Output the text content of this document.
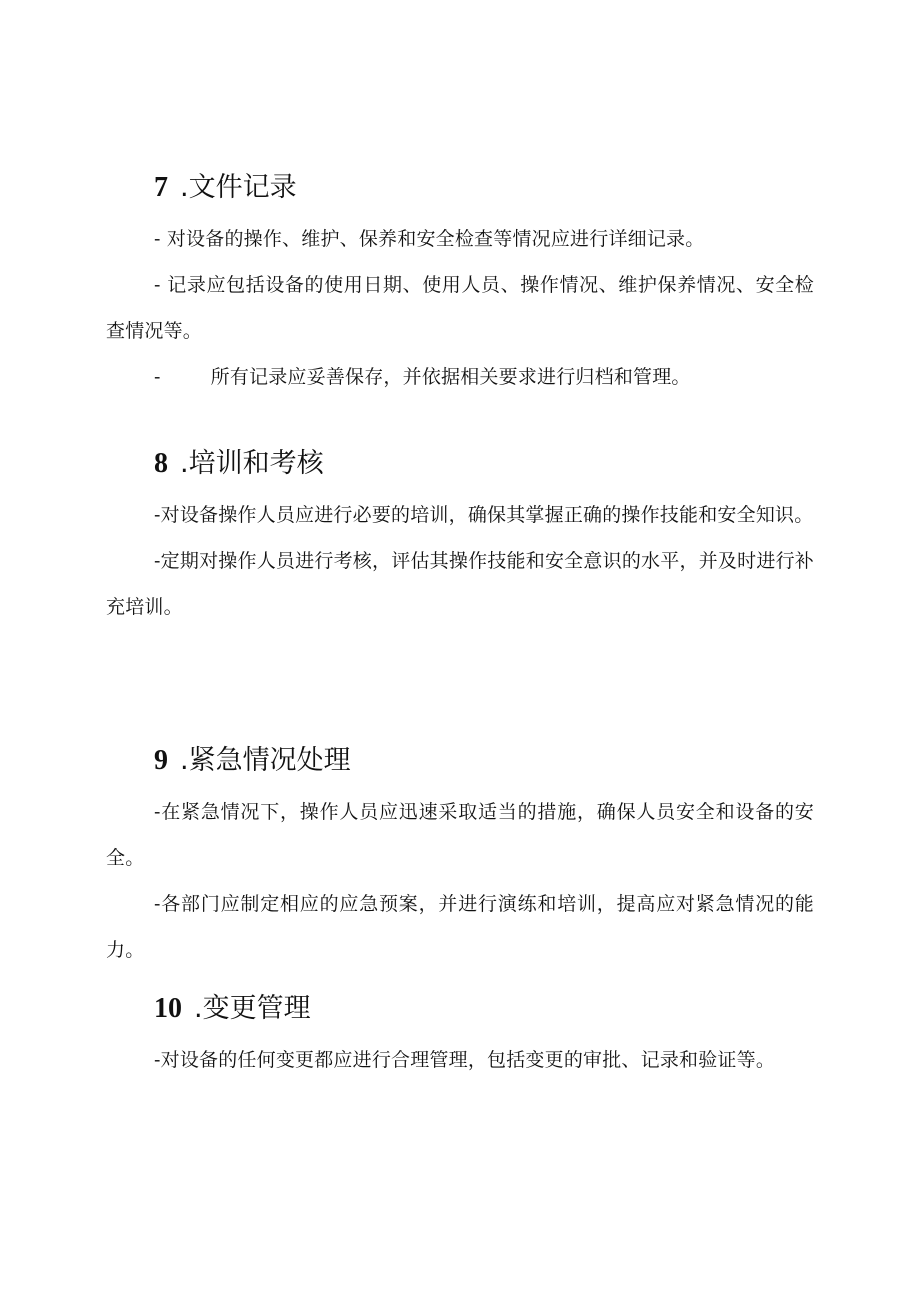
7 .文件记录

- 对设备的操作、维护、保养和安全检查等情况应进行详细记录。

- 记录应包括设备的使用日期、使用人员、操作情况、维护保养情况、安全检查情况等。

-	所有记录应妥善保存，并依据相关要求进行归档和管理。

8 .培训和考核

-对设备操作人员应进行必要的培训，确保其掌握正确的操作技能和安全知识。

-定期对操作人员进行考核，评估其操作技能和安全意识的水平，并及时进行补充培训。

9 .紧急情况处理

-在紧急情况下，操作人员应迅速采取适当的措施，确保人员安全和设备的安全。

-各部门应制定相应的应急预案，并进行演练和培训，提高应对紧急情况的能力。

10 .变更管理

-对设备的任何变更都应进行合理管理，包括变更的审批、记录和验证等。
